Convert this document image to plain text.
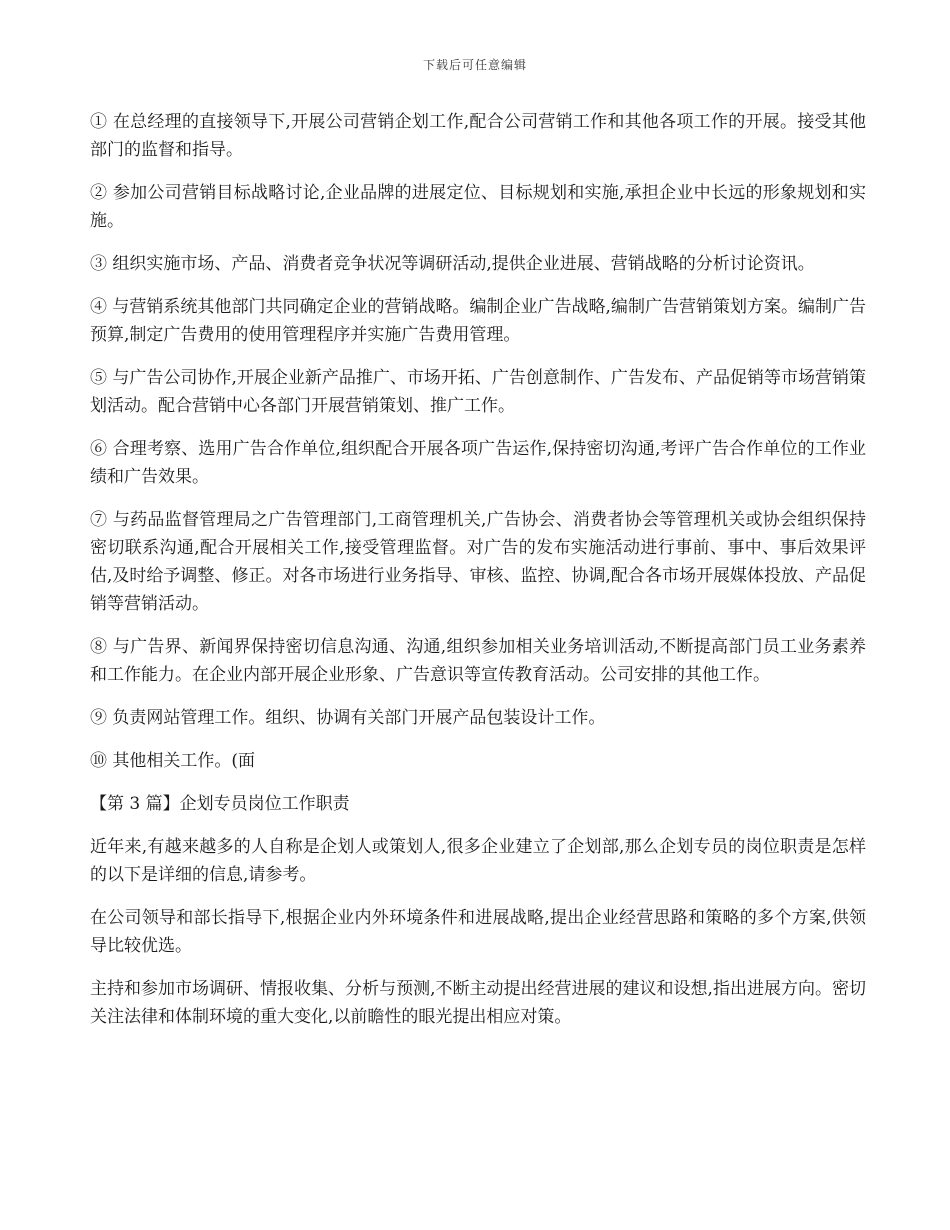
下载后可任意编辑

① 在总经理的直接领导下,开展公司营销企划工作,配合公司营销工作和其他各项工作的开展。接受其他部门的监督和指导。

② 参加公司营销目标战略讨论,企业品牌的进展定位、目标规划和实施,承担企业中长远的形象规划和实施。

③ 组织实施市场、产品、消费者竞争状况等调研活动,提供企业进展、营销战略的分析讨论资讯。

④ 与营销系统其他部门共同确定企业的营销战略。编制企业广告战略,编制广告营销策划方案。编制广告预算,制定广告费用的使用管理程序并实施广告费用管理。

⑤ 与广告公司协作,开展企业新产品推广、市场开拓、广告创意制作、广告发布、产品促销等市场营销策划活动。配合营销中心各部门开展营销策划、推广工作。

⑥ 合理考察、选用广告合作单位,组织配合开展各项广告运作,保持密切沟通,考评广告合作单位的工作业绩和广告效果。

⑦ 与药品监督管理局之广告管理部门,工商管理机关,广告协会、消费者协会等管理机关或协会组织保持密切联系沟通,配合开展相关工作,接受管理监督。对广告的发布实施活动进行事前、事中、事后效果评估,及时给予调整、修正。对各市场进行业务指导、审核、监控、协调,配合各市场开展媒体投放、产品促销等营销活动。

⑧ 与广告界、新闻界保持密切信息沟通、沟通,组织参加相关业务培训活动,不断提高部门员工业务素养和工作能力。在企业内部开展企业形象、广告意识等宣传教育活动。公司安排的其他工作。

⑨ 负责网站管理工作。组织、协调有关部门开展产品包装设计工作。

⑩ 其他相关工作。(面

【第 3 篇】企划专员岗位工作职责

近年来,有越来越多的人自称是企划人或策划人,很多企业建立了企划部,那么企划专员的岗位职责是怎样的以下是详细的信息,请参考。

在公司领导和部长指导下,根据企业内外环境条件和进展战略,提出企业经营思路和策略的多个方案,供领导比较优选。

主持和参加市场调研、情报收集、分析与预测,不断主动提出经营进展的建议和设想,指出进展方向。密切关注法律和体制环境的重大变化,以前瞻性的眼光提出相应对策。
